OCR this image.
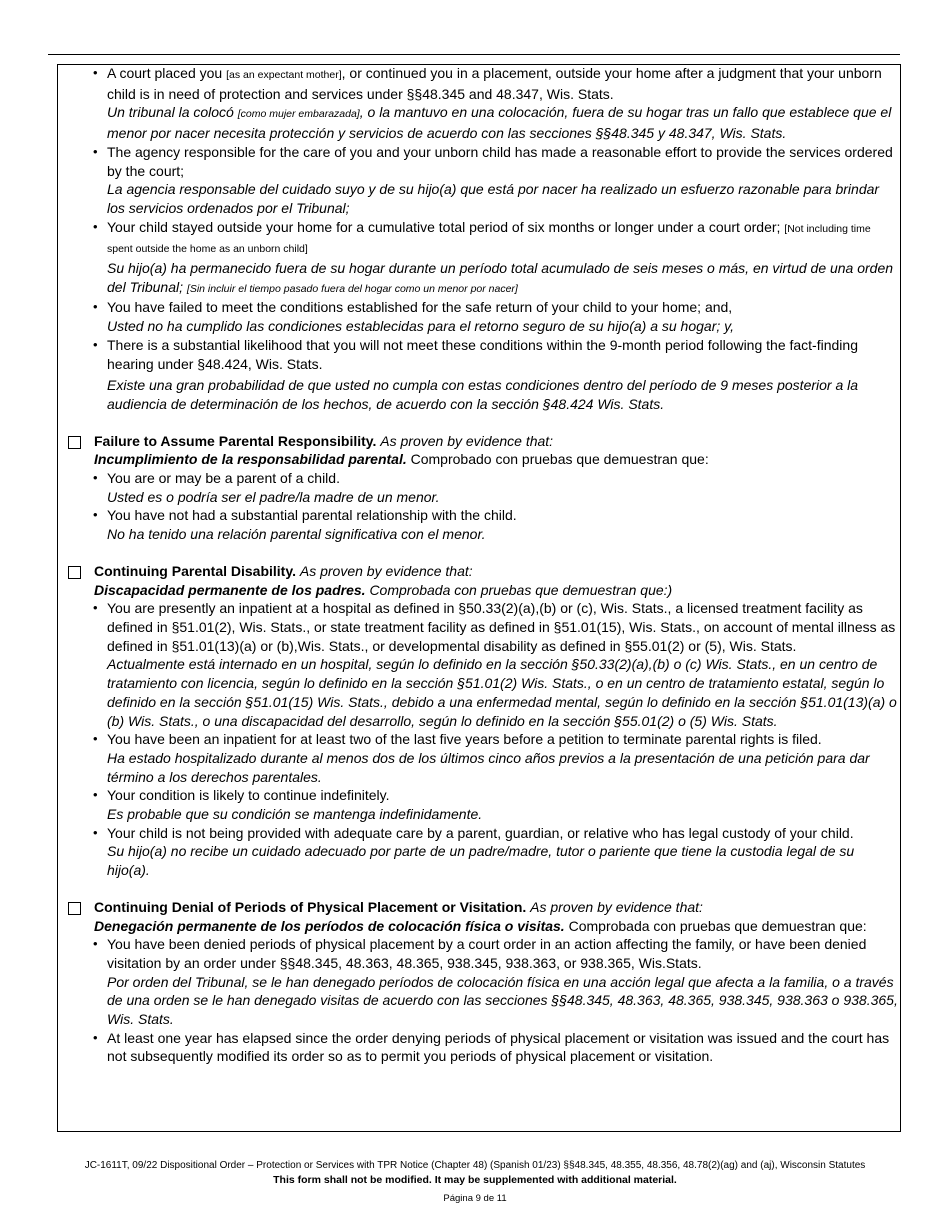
• A court placed you [as an expectant mother], or continued you in a placement, outside your home after a judgment that your unborn child is in need of protection and services under §§48.345 and 48.347, Wis. Stats.
Un tribunal la colocó [como mujer embarazada], o la mantuvo en una colocación, fuera de su hogar tras un fallo que establece que el menor por nacer necesita protección y servicios de acuerdo con las secciones §§48.345 y 48.347, Wis. Stats.
• The agency responsible for the care of you and your unborn child has made a reasonable effort to provide the services ordered by the court;
La agencia responsable del cuidado suyo y de su hijo(a) que está por nacer ha realizado un esfuerzo razonable para brindar los servicios ordenados por el Tribunal;
• Your child stayed outside your home for a cumulative total period of six months or longer under a court order; [Not including time spent outside the home as an unborn child]
Su hijo(a) ha permanecido fuera de su hogar durante un período total acumulado de seis meses o más, en virtud de una orden del Tribunal; [Sin incluir el tiempo pasado fuera del hogar como un menor por nacer]
• You have failed to meet the conditions established for the safe return of your child to your home; and,
Usted no ha cumplido las condiciones establecidas para el retorno seguro de su hijo(a) a su hogar; y,
• There is a substantial likelihood that you will not meet these conditions within the 9-month period following the fact-finding hearing under §48.424, Wis. Stats.
Existe una gran probabilidad de que usted no cumpla con estas condiciones dentro del período de 9 meses posterior a la audiencia de determinación de los hechos, de acuerdo con la sección §48.424 Wis. Stats.
Failure to Assume Parental Responsibility. As proven by evidence that:
Incumplimiento de la responsabilidad parental. Comprobado con pruebas que demuestran que:
• You are or may be a parent of a child.
Usted es o podría ser el padre/la madre de un menor.
• You have not had a substantial parental relationship with the child.
No ha tenido una relación parental significativa con el menor.
Continuing Parental Disability. As proven by evidence that:
Discapacidad permanente de los padres. Comprobada con pruebas que demuestran que:)
• You are presently an inpatient at a hospital as defined in §50.33(2)(a),(b) or (c), Wis. Stats., a licensed treatment facility as defined in §51.01(2), Wis. Stats., or state treatment facility as defined in §51.01(15), Wis. Stats., on account of mental illness as defined in §51.01(13)(a) or (b),Wis. Stats., or developmental disability as defined in §55.01(2) or (5), Wis. Stats.
Actualmente está internado en un hospital, según lo definido en la sección §50.33(2)(a),(b) o (c) Wis. Stats., en un centro de tratamiento con licencia, según lo definido en la sección §51.01(2) Wis. Stats., o en un centro de tratamiento estatal, según lo definido en la sección §51.01(15) Wis. Stats., debido a una enfermedad mental, según lo definido en la sección §51.01(13)(a) o (b) Wis. Stats., o una discapacidad del desarrollo, según lo definido en la sección §55.01(2) o (5) Wis. Stats.
• You have been an inpatient for at least two of the last five years before a petition to terminate parental rights is filed.
Ha estado hospitalizado durante al menos dos de los últimos cinco años previos a la presentación de una petición para dar término a los derechos parentales.
• Your condition is likely to continue indefinitely.
Es probable que su condición se mantenga indefinidamente.
• Your child is not being provided with adequate care by a parent, guardian, or relative who has legal custody of your child.
Su hijo(a) no recibe un cuidado adecuado por parte de un padre/madre, tutor o pariente que tiene la custodia legal de su hijo(a).
Continuing Denial of Periods of Physical Placement or Visitation. As proven by evidence that:
Denegación permanente de los períodos de colocación física o visitas. Comprobada con pruebas que demuestran que:
• You have been denied periods of physical placement by a court order in an action affecting the family, or have been denied visitation by an order under §§48.345, 48.363, 48.365, 938.345, 938.363, or 938.365, Wis.Stats.
Por orden del Tribunal, se le han denegado períodos de colocación física en una acción legal que afecta a la familia, o a través de una orden se le han denegado visitas de acuerdo con las secciones §§48.345, 48.363, 48.365, 938.345, 938.363 o 938.365, Wis. Stats.
• At least one year has elapsed since the order denying periods of physical placement or visitation was issued and the court has not subsequently modified its order so as to permit you periods of physical placement or visitation.
JC-1611T, 09/22 Dispositional Order – Protection or Services with TPR Notice (Chapter 48) (Spanish 01/23) §§48.345, 48.355, 48.356, 48.78(2)(ag) and (aj), Wisconsin Statutes
This form shall not be modified. It may be supplemented with additional material.
Página 9 de 11
